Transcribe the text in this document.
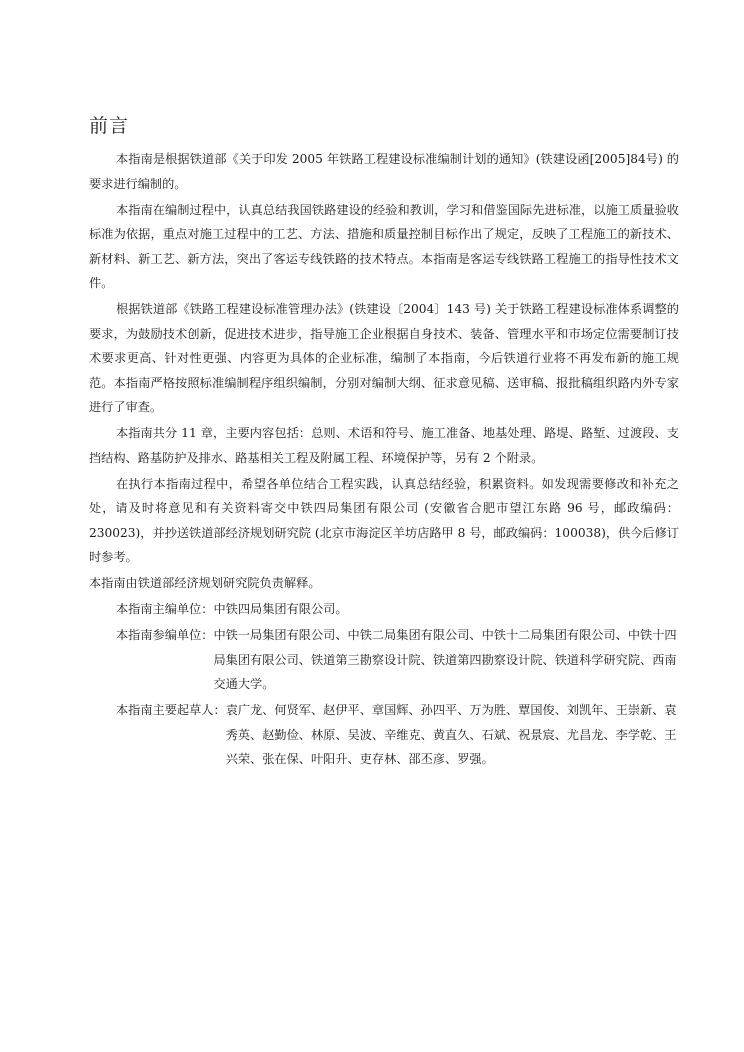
前言

本指南是根据铁道部《关于印发 2005 年铁路工程建设标准编制计划的通知》(铁建设函[2005]84号) 的要求进行编制的。

本指南在编制过程中，认真总结我国铁路建设的经验和教训，学习和借鉴国际先进标准，以施工质量验收标准为依据，重点对施工过程中的工艺、方法、措施和质量控制目标作出了规定，反映了工程施工的新技术、新材料、新工艺、新方法，突出了客运专线铁路的技术特点。本指南是客运专线铁路工程施工的指导性技术文件。

根据铁道部《铁路工程建设标准管理办法》(铁建设〔2004〕143 号) 关于铁路工程建设标准体系调整的要求，为鼓励技术创新，促进技术进步，指导施工企业根据自身技术、装备、管理水平和市场定位需要制订技术要求更高、针对性更强、内容更为具体的企业标准，编制了本指南，今后铁道行业将不再发布新的施工规范。本指南严格按照标准编制程序组织编制，分别对编制大纲、征求意见稿、送审稿、报批稿组织路内外专家进行了审查。

本指南共分 11 章，主要内容包括：总则、术语和符号、施工准备、地基处理、路堤、路堑、过渡段、支挡结构、路基防护及排水、路基相关工程及附属工程、环境保护等，另有 2 个附录。

在执行本指南过程中，希望各单位结合工程实践，认真总结经验，积累资料。如发现需要修改和补充之处，请及时将意见和有关资料寄交中铁四局集团有限公司 (安徽省合肥市望江东路 96 号，邮政编码：230023)，并抄送铁道部经济规划研究院 (北京市海淀区羊坊店路甲 8 号，邮政编码：100038)，供今后修订时参考。

本指南由铁道部经济规划研究院负责解释。

本指南主编单位： 中铁四局集团有限公司。
本指南参编单位： 中铁一局集团有限公司、中铁二局集团有限公司、中铁十二局集团有限公司、中铁十四局集团有限公司、铁道第三勘察设计院、铁道第四勘察设计院、铁道科学研究院、西南交通大学。
本指南主要起草人： 袁广龙、何贤军、赵伊平、章国辉、孙四平、万为胜、覃国俊、刘凯年、王崇新、袁秀英、赵勤俭、林原、吴波、辛维克、黄直久、石斌、祝景宸、尤昌龙、李学乾、王兴荣、张在保、叶阳升、吏存林、邵丕彦、罗强。
